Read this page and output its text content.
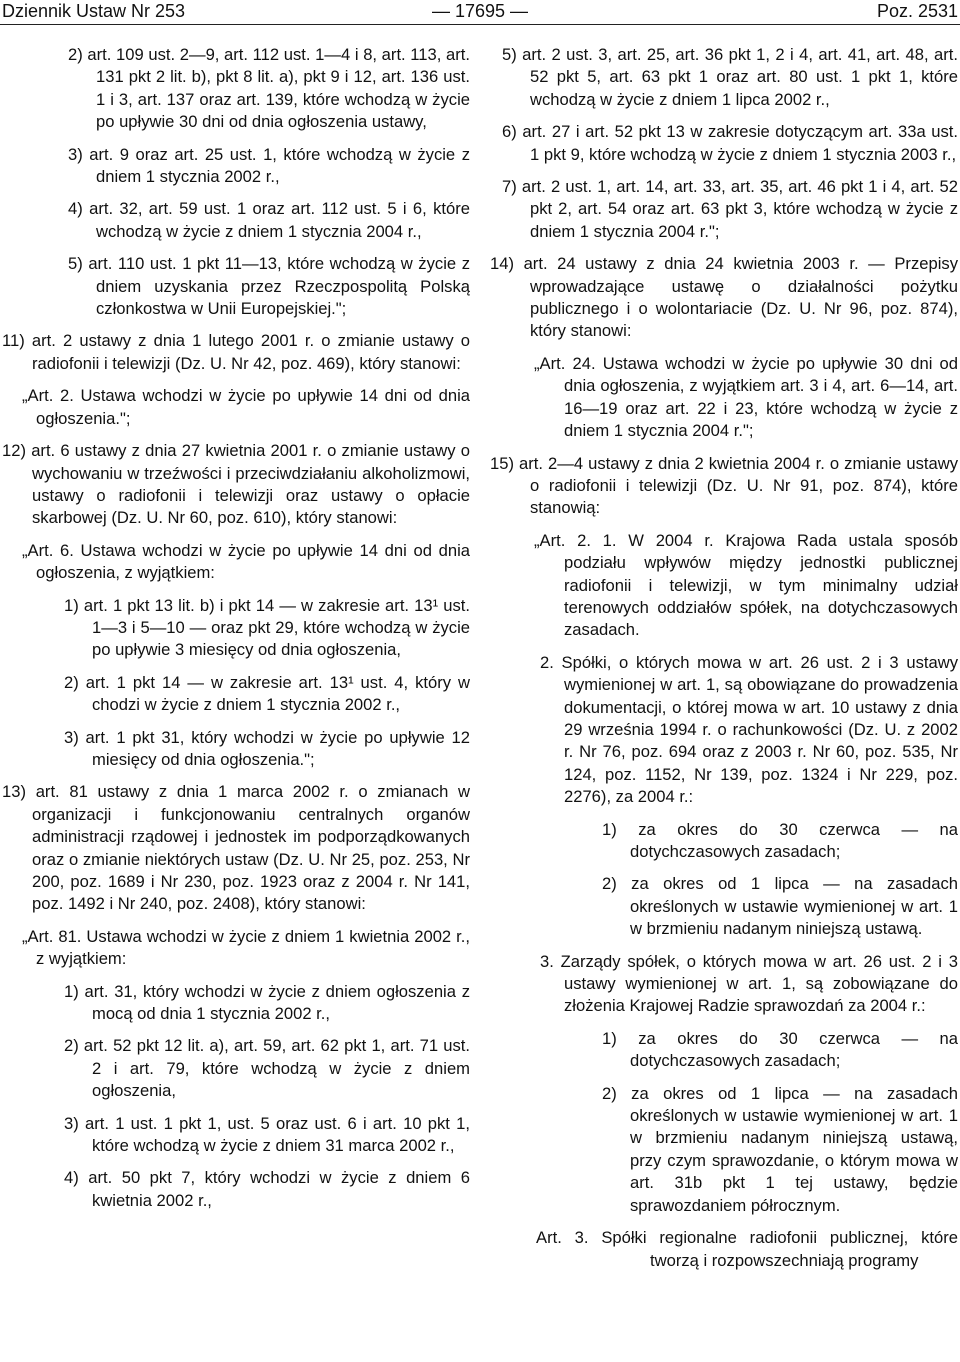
Dziennik Ustaw Nr 253	— 17695 —	Poz. 2531

2) art. 109 ust. 2—9, art. 112 ust. 1—4 i 8, art. 113, art. 131 pkt 2 lit. b), pkt 8 lit. a), pkt 9 i 12, art. 136 ust. 1 i 3, art. 137 oraz art. 139, które wchodzą w życie po upływie 30 dni od dnia ogłoszenia ustawy,

3) art. 9 oraz art. 25 ust. 1, które wchodzą w życie z dniem 1 stycznia 2002 r.,

4) art. 32, art. 59 ust. 1 oraz art. 112 ust. 5 i 6, które wchodzą w życie z dniem 1 stycznia 2004 r.,

5) art. 110 ust. 1 pkt 11—13, które wchodzą w życie z dniem uzyskania przez Rzeczpospolitą Polską członkostwa w Unii Europejskiej.";

11) art. 2 ustawy z dnia 1 lutego 2001 r. o zmianie ustawy o radiofonii i telewizji (Dz. U. Nr 42, poz. 469), który stanowi:

„Art. 2. Ustawa wchodzi w życie po upływie 14 dni od dnia ogłoszenia.";

12) art. 6 ustawy z dnia 27 kwietnia 2001 r. o zmianie ustawy o wychowaniu w trzeźwości i przeciwdziałaniu alkoholizmowi, ustawy o radiofonii i telewizji oraz ustawy o opłacie skarbowej (Dz. U. Nr 60, poz. 610), który stanowi:

„Art. 6. Ustawa wchodzi w życie po upływie 14 dni od dnia ogłoszenia, z wyjątkiem:

1) art. 1 pkt 13 lit. b) i pkt 14 — w zakresie art. 13¹ ust. 1—3 i 5—10 — oraz pkt 29, które wchodzą w życie po upływie 3 miesięcy od dnia ogłoszenia,

2) art. 1 pkt 14 — w zakresie art. 13¹ ust. 4, który w chodzi w życie z dniem 1 stycznia 2002 r.,

3) art. 1 pkt 31, który wchodzi w życie po upływie 12 miesięcy od dnia ogłoszenia.";

13) art. 81 ustawy z dnia 1 marca 2002 r. o zmianach w organizacji i funkcjonowaniu centralnych organów administracji rządowej i jednostek im podporządkowanych oraz o zmianie niektórych ustaw (Dz. U. Nr 25, poz. 253, Nr 200, poz. 1689 i Nr 230, poz. 1923 oraz z 2004 r. Nr 141, poz. 1492 i Nr 240, poz. 2408), który stanowi:

„Art. 81. Ustawa wchodzi w życie z dniem 1 kwietnia 2002 r., z wyjątkiem:

1) art. 31, który wchodzi w życie z dniem ogłoszenia z mocą od dnia 1 stycznia 2002 r.,

2) art. 52 pkt 12 lit. a), art. 59, art. 62 pkt 1, art. 71 ust. 2 i art. 79, które wchodzą w życie z dniem ogłoszenia,

3) art. 1 ust. 1 pkt 1, ust. 5 oraz ust. 6 i art. 10 pkt 1, które wchodzą w życie z dniem 31 marca 2002 r.,

4) art. 50 pkt 7, który wchodzi w życie z dniem 6 kwietnia 2002 r.,

5) art. 2 ust. 3, art. 25, art. 36 pkt 1, 2 i 4, art. 41, art. 48, art. 52 pkt 5, art. 63 pkt 1 oraz art. 80 ust. 1 pkt 1, które wchodzą w życie z dniem 1 lipca 2002 r.,

6) art. 27 i art. 52 pkt 13 w zakresie dotyczącym art. 33a ust. 1 pkt 9, które wchodzą w życie z dniem 1 stycznia 2003 r.,

7) art. 2 ust. 1, art. 14, art. 33, art. 35, art. 46 pkt 1 i 4, art. 52 pkt 2, art. 54 oraz art. 63 pkt 3, które wchodzą w życie z dniem 1 stycznia 2004 r.";

14) art. 24 ustawy z dnia 24 kwietnia 2003 r. — Przepisy wprowadzające ustawę o działalności pożytku publicznego i o wolontariacie (Dz. U. Nr 96, poz. 874), który stanowi:

„Art. 24. Ustawa wchodzi w życie po upływie 30 dni od dnia ogłoszenia, z wyjątkiem art. 3 i 4, art. 6—14, art. 16—19 oraz art. 22 i 23, które wchodzą w życie z dniem 1 stycznia 2004 r.";

15) art. 2—4 ustawy z dnia 2 kwietnia 2004 r. o zmianie ustawy o radiofonii i telewizji (Dz. U. Nr 91, poz. 874), które stanowią:

„Art. 2. 1. W 2004 r. Krajowa Rada ustala sposób podziału wpływów między jednostki publicznej radiofonii i telewizji, w tym minimalny udział terenowych oddziałów spółek, na dotychczasowych zasadach.

2. Spółki, o których mowa w art. 26 ust. 2 i 3 ustawy wymienionej w art. 1, są obowiązane do prowadzenia dokumentacji, o której mowa w art. 10 ustawy z dnia 29 września 1994 r. o rachunkowości (Dz. U. z 2002 r. Nr 76, poz. 694 oraz z 2003 r. Nr 60, poz. 535, Nr 124, poz. 1152, Nr 139, poz. 1324 i Nr 229, poz. 2276), za 2004 r.:

1) za okres do 30 czerwca — na dotychczasowych zasadach;

2) za okres od 1 lipca — na zasadach określonych w ustawie wymienionej w art. 1 w brzmieniu nadanym niniejszą ustawą.

3. Zarządy spółek, o których mowa w art. 26 ust. 2 i 3 ustawy wymienionej w art. 1, są zobowiązane do złożenia Krajowej Radzie sprawozdań za 2004 r.:

1) za okres do 30 czerwca — na dotychczasowych zasadach;

2) za okres od 1 lipca — na zasadach określonych w ustawie wymienionej w art. 1 w brzmieniu nadanym niniejszą ustawą, przy czym sprawozdanie, o którym mowa w art. 31b pkt 1 tej ustawy, będzie sprawozdaniem półrocznym.

Art. 3. Spółki regionalne radiofonii publicznej, które tworzą i rozpowszechniają programy
